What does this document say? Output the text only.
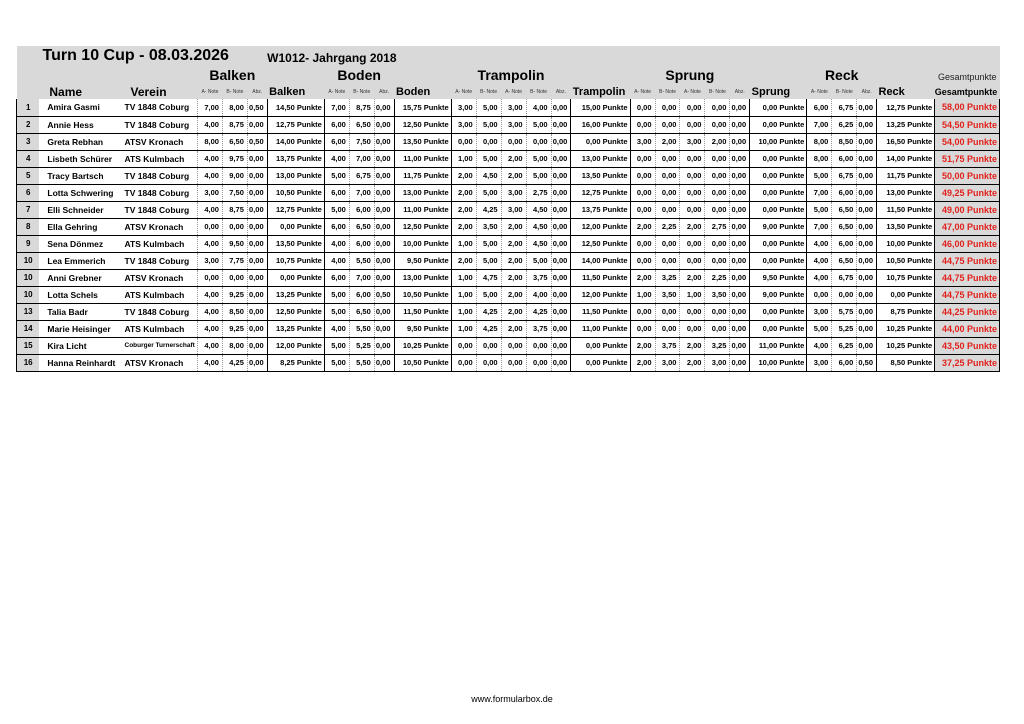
Turn 10 Cup - 08.03.2026						W1012- Jahrgang 2018																					
			Balken				Boden				Trampolin						Sprung						Reck				Gesamtpunkte
	Name	Verein	A- Note	B- Note	Abz.	Balken	A- Note	B- Note	Abz.	Boden	A- Note	B- Note	A- Note	B- Note	Abz.	Trampolin	A- Note	B- Note	A- Note	B- Note	Abz.	Sprung	A- Note	B- Note	Abz.	Reck	Gesamtpunkte
1	Amira Gasmi	TV 1848 Coburg	7,00	8,00	0,50	14,50 Punkte	7,00	8,75	0,00	15,75 Punkte	3,00	5,00	3,00	4,00	0,00	15,00 Punkte	0,00	0,00	0,00	0,00	0,00	0,00 Punkte	6,00	6,75	0,00	12,75 Punkte	58,00 Punkte
2	Annie Hess	TV 1848 Coburg	4,00	8,75	0,00	12,75 Punkte	6,00	6,50	0,00	12,50 Punkte	3,00	5,00	3,00	5,00	0,00	16,00 Punkte	0,00	0,00	0,00	0,00	0,00	0,00 Punkte	7,00	6,25	0,00	13,25 Punkte	54,50 Punkte
3	Greta Rebhan	ATSV Kronach	8,00	6,50	0,50	14,00 Punkte	6,00	7,50	0,00	13,50 Punkte	0,00	0,00	0,00	0,00	0,00	0,00 Punkte	3,00	2,00	3,00	2,00	0,00	10,00 Punkte	8,00	8,50	0,00	16,50 Punkte	54,00 Punkte
4	Lisbeth Schürer	ATS Kulmbach	4,00	9,75	0,00	13,75 Punkte	4,00	7,00	0,00	11,00 Punkte	1,00	5,00	2,00	5,00	0,00	13,00 Punkte	0,00	0,00	0,00	0,00	0,00	0,00 Punkte	8,00	6,00	0,00	14,00 Punkte	51,75 Punkte
5	Tracy Bartsch	TV 1848 Coburg	4,00	9,00	0,00	13,00 Punkte	5,00	6,75	0,00	11,75 Punkte	2,00	4,50	2,00	5,00	0,00	13,50 Punkte	0,00	0,00	0,00	0,00	0,00	0,00 Punkte	5,00	6,75	0,00	11,75 Punkte	50,00 Punkte
6	Lotta Schwering	TV 1848 Coburg	3,00	7,50	0,00	10,50 Punkte	6,00	7,00	0,00	13,00 Punkte	2,00	5,00	3,00	2,75	0,00	12,75 Punkte	0,00	0,00	0,00	0,00	0,00	0,00 Punkte	7,00	6,00	0,00	13,00 Punkte	49,25 Punkte
7	Elli Schneider	TV 1848 Coburg	4,00	8,75	0,00	12,75 Punkte	5,00	6,00	0,00	11,00 Punkte	2,00	4,25	3,00	4,50	0,00	13,75 Punkte	0,00	0,00	0,00	0,00	0,00	0,00 Punkte	5,00	6,50	0,00	11,50 Punkte	49,00 Punkte
8	Ella Gehring	ATSV Kronach	0,00	0,00	0,00	0,00 Punkte	6,00	6,50	0,00	12,50 Punkte	2,00	3,50	2,00	4,50	0,00	12,00 Punkte	2,00	2,25	2,00	2,75	0,00	9,00 Punkte	7,00	6,50	0,00	13,50 Punkte	47,00 Punkte
9	Sena Dönmez	ATS Kulmbach	4,00	9,50	0,00	13,50 Punkte	4,00	6,00	0,00	10,00 Punkte	1,00	5,00	2,00	4,50	0,00	12,50 Punkte	0,00	0,00	0,00	0,00	0,00	0,00 Punkte	4,00	6,00	0,00	10,00 Punkte	46,00 Punkte
10	Lea Emmerich	TV 1848 Coburg	3,00	7,75	0,00	10,75 Punkte	4,00	5,50	0,00	9,50 Punkte	2,00	5,00	2,00	5,00	0,00	14,00 Punkte	0,00	0,00	0,00	0,00	0,00	0,00 Punkte	4,00	6,50	0,00	10,50 Punkte	44,75 Punkte
10	Anni Grebner	ATSV Kronach	0,00	0,00	0,00	0,00 Punkte	6,00	7,00	0,00	13,00 Punkte	1,00	4,75	2,00	3,75	0,00	11,50 Punkte	2,00	3,25	2,00	2,25	0,00	9,50 Punkte	4,00	6,75	0,00	10,75 Punkte	44,75 Punkte
10	Lotta Schels	ATS Kulmbach	4,00	9,25	0,00	13,25 Punkte	5,00	6,00	0,50	10,50 Punkte	1,00	5,00	2,00	4,00	0,00	12,00 Punkte	1,00	3,50	1,00	3,50	0,00	9,00 Punkte	0,00	0,00	0,00	0,00 Punkte	44,75 Punkte
13	Talia Badr	TV 1848 Coburg	4,00	8,50	0,00	12,50 Punkte	5,00	6,50	0,00	11,50 Punkte	1,00	4,25	2,00	4,25	0,00	11,50 Punkte	0,00	0,00	0,00	0,00	0,00	0,00 Punkte	3,00	5,75	0,00	8,75 Punkte	44,25 Punkte
14	Marie Heisinger	ATS Kulmbach	4,00	9,25	0,00	13,25 Punkte	4,00	5,50	0,00	9,50 Punkte	1,00	4,25	2,00	3,75	0,00	11,00 Punkte	0,00	0,00	0,00	0,00	0,00	0,00 Punkte	5,00	5,25	0,00	10,25 Punkte	44,00 Punkte
15	Kira Licht	Coburger Turnerschaft	4,00	8,00	0,00	12,00 Punkte	5,00	5,25	0,00	10,25 Punkte	0,00	0,00	0,00	0,00	0,00	0,00 Punkte	2,00	3,75	2,00	3,25	0,00	11,00 Punkte	4,00	6,25	0,00	10,25 Punkte	43,50 Punkte
16	Hanna Reinhardt	ATSV Kronach	4,00	4,25	0,00	8,25 Punkte	5,00	5,50	0,00	10,50 Punkte	0,00	0,00	0,00	0,00	0,00	0,00 Punkte	2,00	3,00	2,00	3,00	0,00	10,00 Punkte	3,00	6,00	0,50	8,50 Punkte	37,25 Punkte
www.formularbox.de
